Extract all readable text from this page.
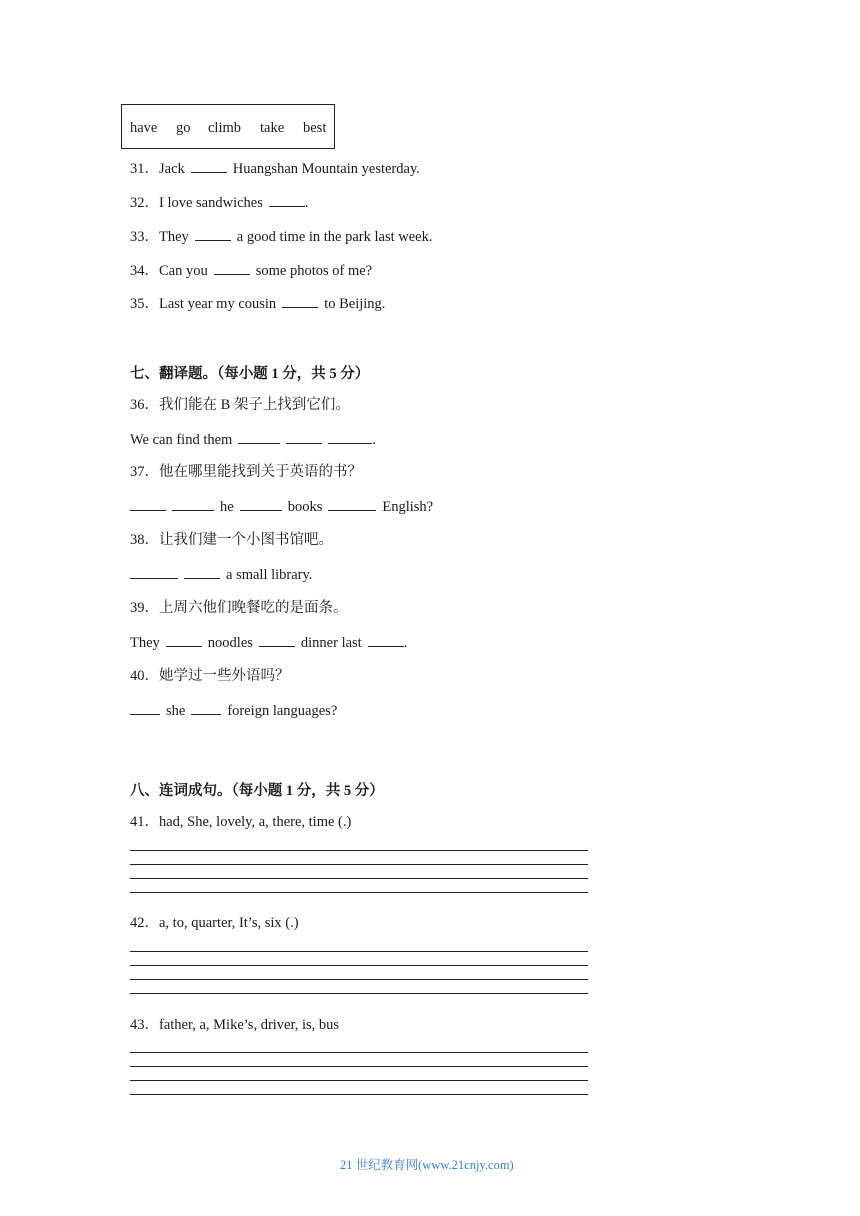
have go climb take best
31．Jack	Huangshan Mountain yesterday.
32．I love sandwiches	.
33．They	a good time in the park last week.
34．Can you	some photos of me?
35．Last year my cousin	to Beijing.
七、翻译题。（每小题 1 分，共 5 分）
36．我们能在 B 架子上找到它们。
We can find them	.
37．他在哪里能找到关于英语的书？
he	books	English?
38．让我们建一个小图书馆吧。
a small library.
39．上周六他们晚餐吃的是面条。
They	noodles	dinner last	.
40．她学过一些外语吗？
she	foreign languages?
八、连词成句。（每小题 1 分，共 5 分）
41．had, She, lovely, a, there, time (.)
42．a, to, quarter, It’s, six (.)
43．father, a, Mike’s, driver, is, bus
21 世纪教育网(www.21cnjy.com)
